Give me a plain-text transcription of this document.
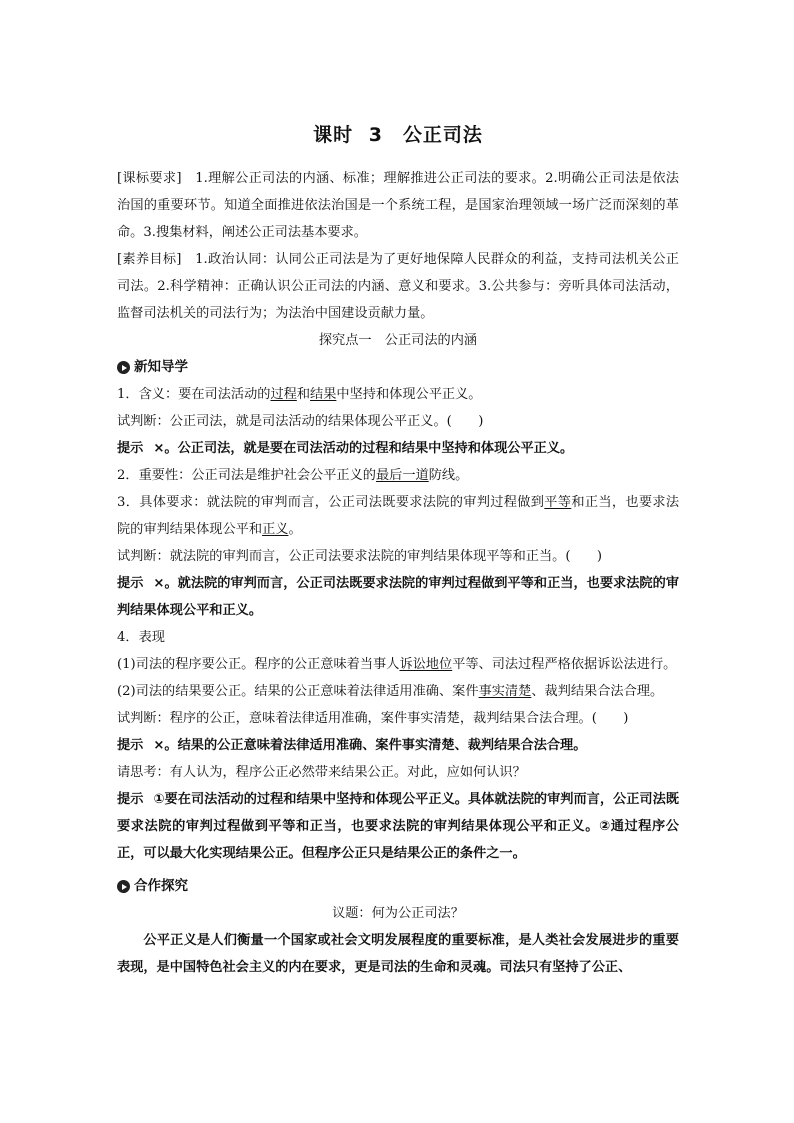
课时 3　公正司法

[课标要求]　1.理解公正司法的内涵、标准；理解推进公正司法的要求。2.明确公正司法是依法治国的重要环节。知道全面推进依法治国是一个系统工程，是国家治理领域一场广泛而深刻的革命。3.搜集材料，阐述公正司法基本要求。

[素养目标]　1.政治认同：认同公正司法是为了更好地保障人民群众的利益，支持司法机关公正司法。2.科学精神：正确认识公正司法的内涵、意义和要求。3.公共参与：旁听具体司法活动，监督司法机关的司法行为；为法治中国建设贡献力量。

探究点一　公正司法的内涵
新知导学

1．含义：要在司法活动的过程和结果中坚持和体现公平正义。

试判断：公正司法，就是司法活动的结果体现公平正义。(　　)

提示 ×。公正司法，就是要在司法活动的过程和结果中坚持和体现公平正义。

2．重要性：公正司法是维护社会公平正义的最后一道防线。

3．具体要求：就法院的审判而言，公正司法既要求法院的审判过程做到平等和正当，也要求法院的审判结果体现公平和正义。

试判断：就法院的审判而言，公正司法要求法院的审判结果体现平等和正当。(　　)

提示 ×。就法院的审判而言，公正司法既要求法院的审判过程做到平等和正当，也要求法院的审判结果体现公平和正义。

4．表现

(1)司法的程序要公正。程序的公正意味着当事人诉讼地位平等、司法过程严格依据诉讼法进行。

(2)司法的结果要公正。结果的公正意味着法律适用准确、案件事实清楚、裁判结果合法合理。

试判断：程序的公正，意味着法律适用准确，案件事实清楚，裁判结果合法合理。(　　)

提示 ×。结果的公正意味着法律适用准确、案件事实清楚、裁判结果合法合理。

请思考：有人认为，程序公正必然带来结果公正。对此，应如何认识？

提示 ①要在司法活动的过程和结果中坚持和体现公平正义。具体就法院的审判而言，公正司法既要求法院的审判过程做到平等和正当，也要求法院的审判结果体现公平和正义。②通过程序公正，可以最大化实现结果公正。但程序公正只是结果公正的条件之一。

合作探究
议题：何为公正司法？

公平正义是人们衡量一个国家或社会文明发展程度的重要标准，是人类社会发展进步的重要表现，是中国特色社会主义的内在要求，更是司法的生命和灵魂。司法只有坚持了公正、
